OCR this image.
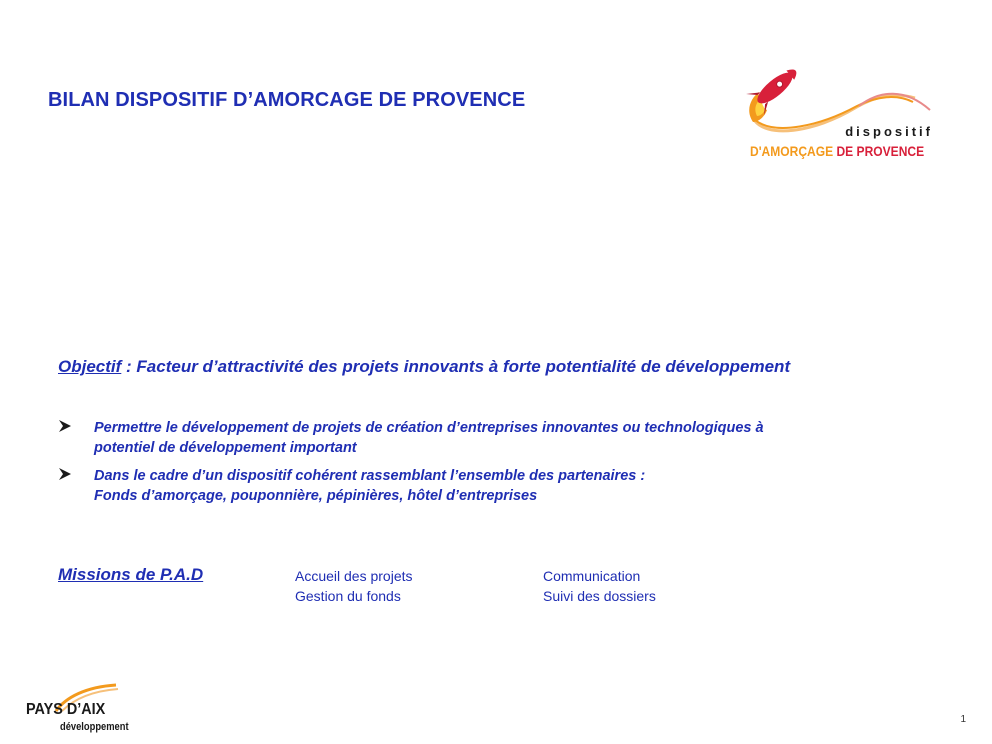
BILAN DISPOSITIF D’AMORCAGE DE PROVENCE
dispositif
D'AMORÇAGE DE PROVENCE
Objectif : Facteur d’attractivité des projets innovants à forte potentialité de développement
Permettre le développement de projets de création d’entreprises innovantes ou technologiques à
potentiel de développement important
Dans le cadre d’un dispositif cohérent rassemblant l’ensemble des partenaires :
Fonds d’amorçage, pouponnière, pépinières, hôtel d’entreprises
Missions de P.A.D	Accueil des projets
Gestion du fonds
Communication
Suivi des dossiers
PAYS D’AIX
développement
1
